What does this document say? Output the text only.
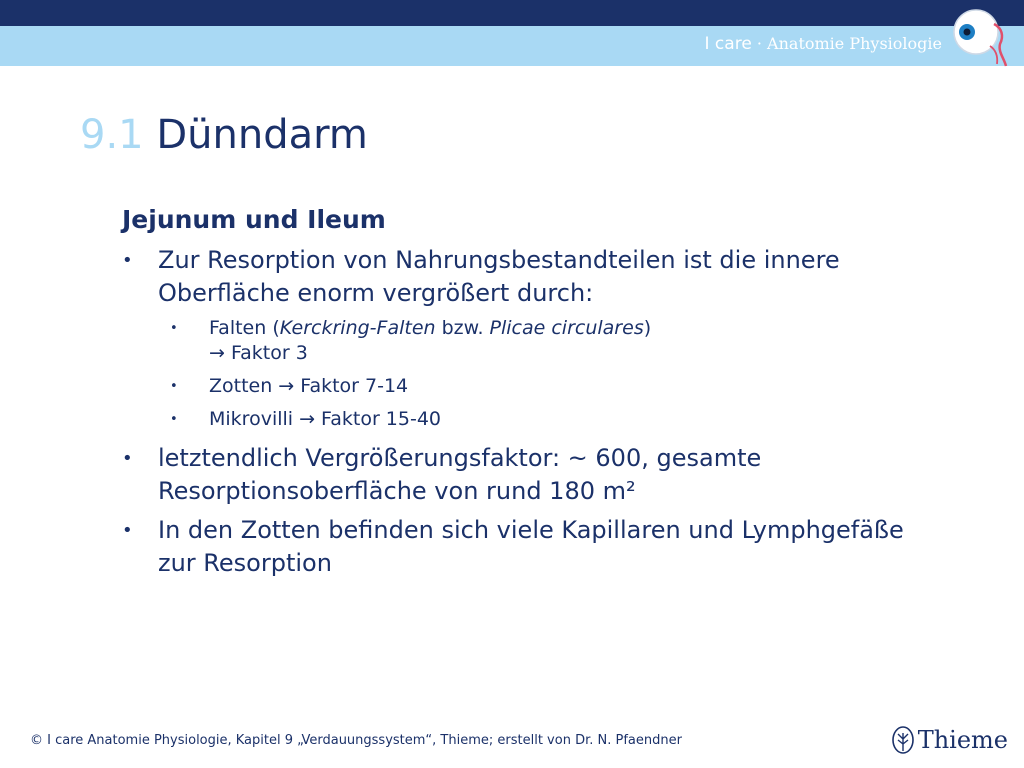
I care · Anatomie Physiologie
9.1 Dünndarm
Jejunum und Ileum
• Zur Resorption von Nahrungsbestandteilen ist die innere Oberfläche enorm vergrößert durch:
• Falten (Kerckring-Falten bzw. Plicae circulares)
→ Faktor 3
• Zotten → Faktor 7-14
• Mikrovilli → Faktor 15-40
• letztendlich Vergrößerungsfaktor: ~ 600, gesamte Resorptionsoberfläche von rund 180 m²
• In den Zotten befinden sich viele Kapillaren und Lymphgefäße zur Resorption
© I care Anatomie Physiologie, Kapitel 9 „Verdauungssystem“, Thieme; erstellt von Dr. N. Pfaendner	Thieme
